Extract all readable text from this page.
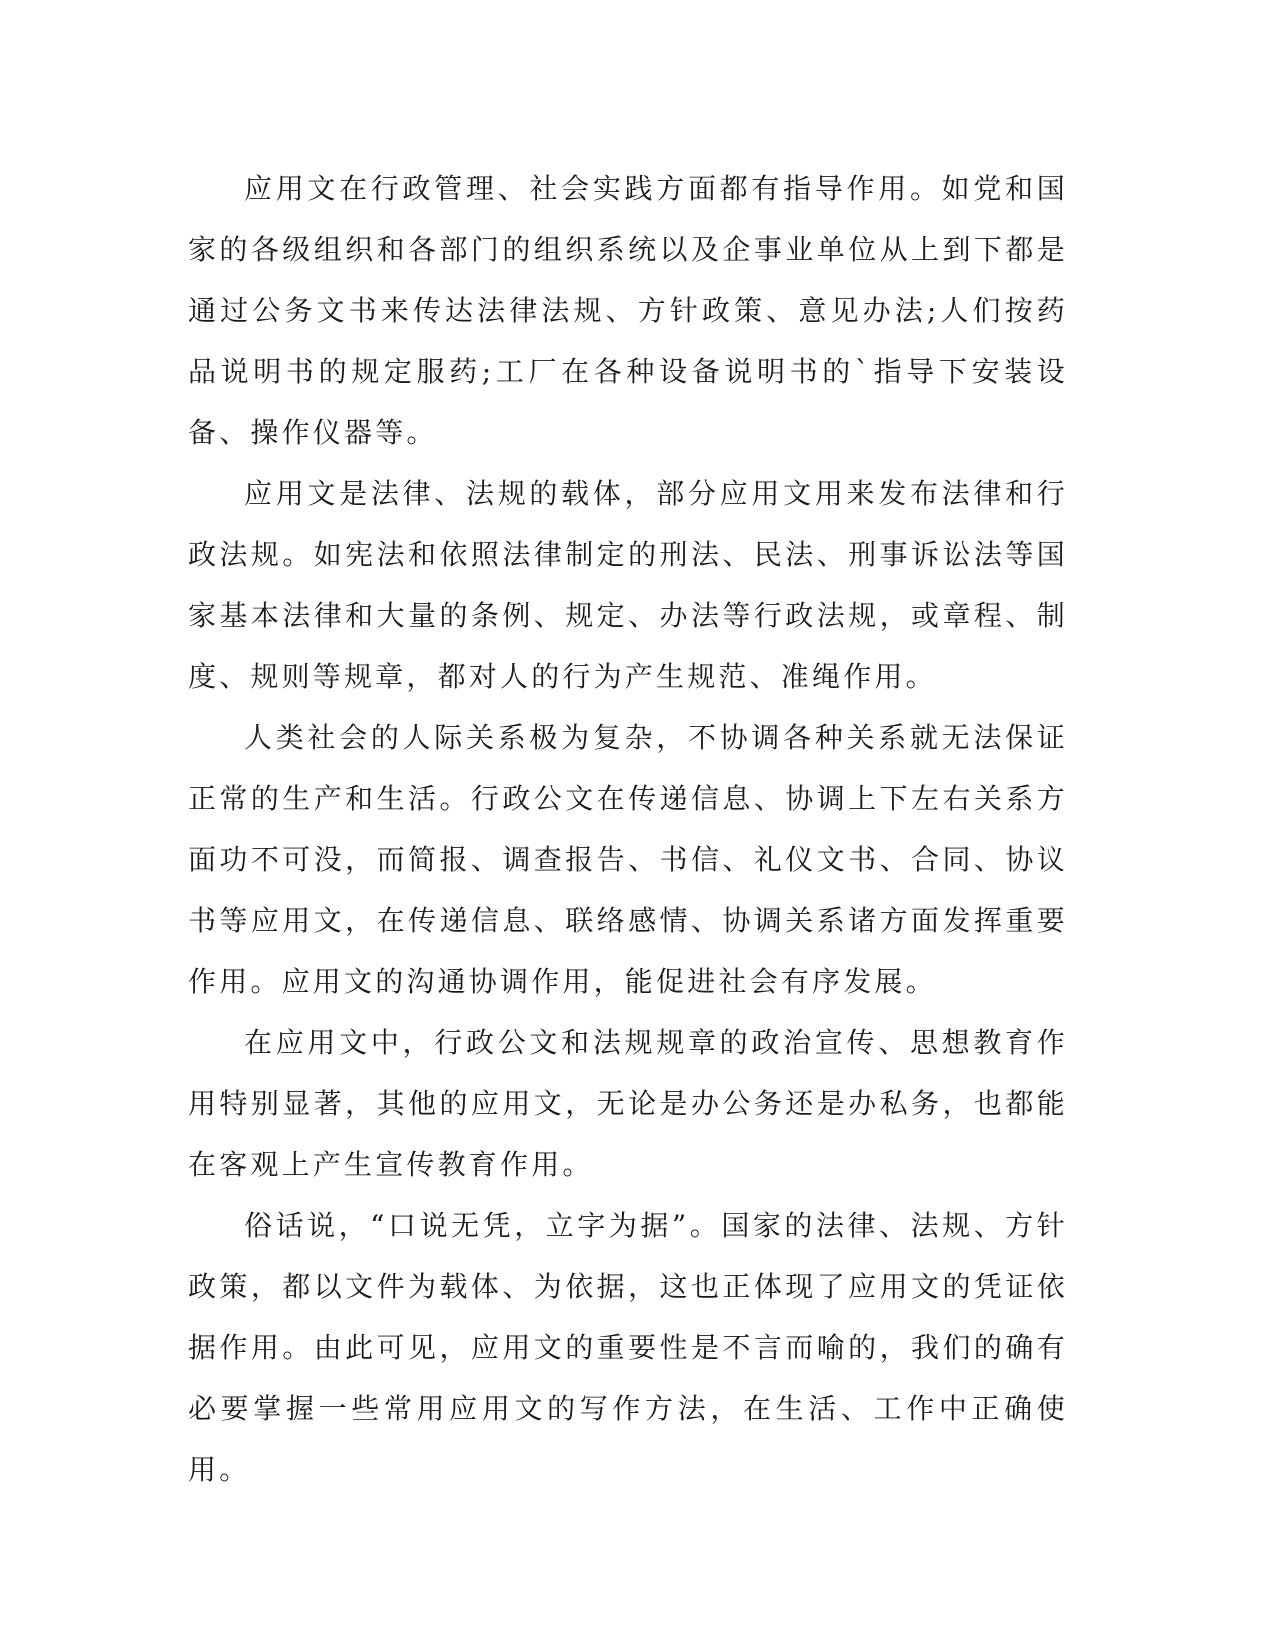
应用文在行政管理、社会实践方面都有指导作用。如党和国家的各级组织和各部门的组织系统以及企事业单位从上到下都是通过公务文书来传达法律法规、方针政策、意见办法;人们按药品说明书的规定服药;工厂在各种设备说明书的`指导下安装设备、操作仪器等。

应用文是法律、法规的载体，部分应用文用来发布法律和行政法规。如宪法和依照法律制定的刑法、民法、刑事诉讼法等国家基本法律和大量的条例、规定、办法等行政法规，或章程、制度、规则等规章，都对人的行为产生规范、准绳作用。

人类社会的人际关系极为复杂，不协调各种关系就无法保证正常的生产和生活。行政公文在传递信息、协调上下左右关系方面功不可没，而简报、调查报告、书信、礼仪文书、合同、协议书等应用文，在传递信息、联络感情、协调关系诸方面发挥重要作用。应用文的沟通协调作用，能促进社会有序发展。

在应用文中，行政公文和法规规章的政治宣传、思想教育作用特别显著，其他的应用文，无论是办公务还是办私务，也都能在客观上产生宣传教育作用。

俗话说，“口说无凭，立字为据”。国家的法律、法规、方针政策，都以文件为载体、为依据，这也正体现了应用文的凭证依据作用。由此可见，应用文的重要性是不言而喻的，我们的确有必要掌握一些常用应用文的写作方法，在生活、工作中正确使用。
